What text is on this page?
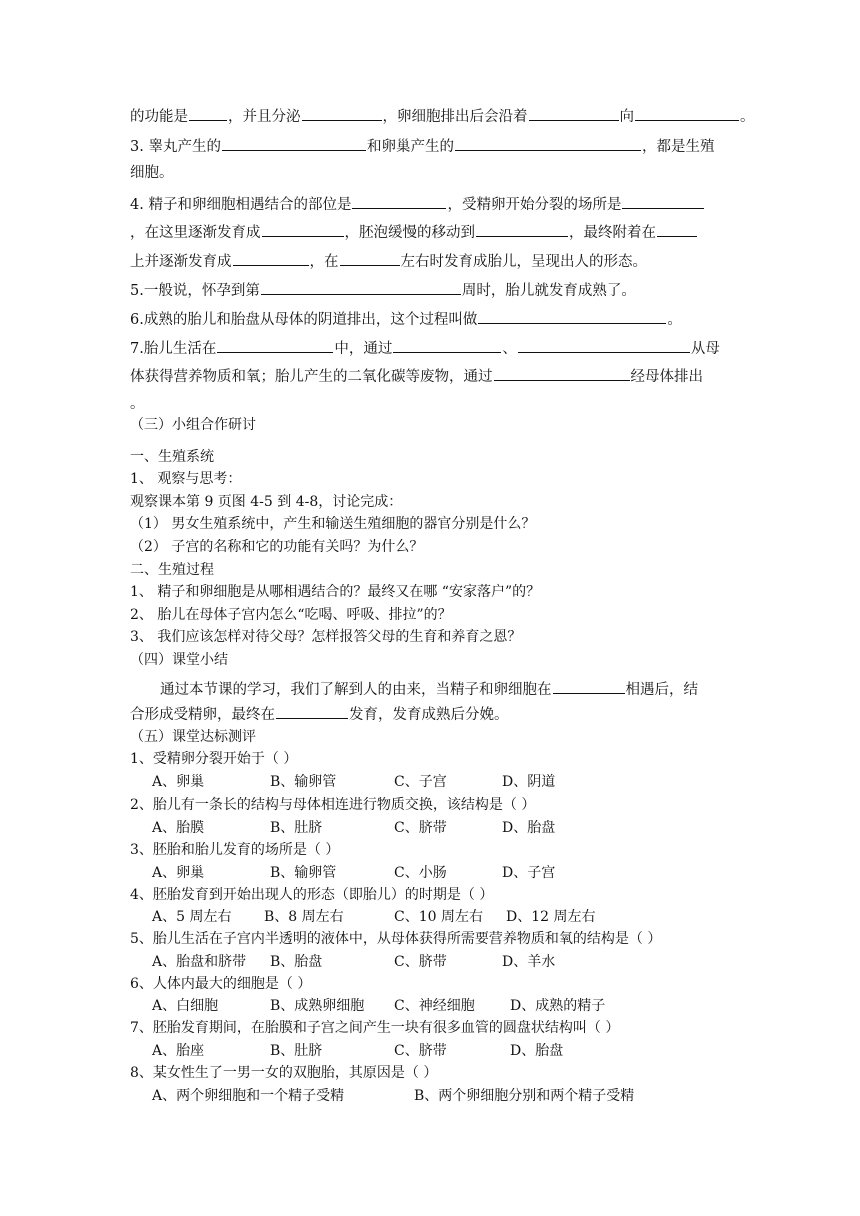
的功能是	，并且分泌	，卵细胞排出后会沿着	向	。
3. 睾丸产生的	和卵巢产生的	，都是生殖
细胞。
4. 精子和卵细胞相遇结合的部位是	，受精卵开始分裂的场所是
，在这里逐渐发育成	，胚泡缓慢的移动到	，最终附着在
上并逐渐发育成	，在	左右时发育成胎儿，呈现出人的形态。
5.一般说，怀孕到第	周时，胎儿就发育成熟了。
6.成熟的胎儿和胎盘从母体的阴道排出，这个过程叫做	。
7.胎儿生活在	中，通过	、	从母
体获得营养物质和氧；胎儿产生的二氧化碳等废物，通过	经母体排出
。
（三）小组合作研讨
一、生殖系统
1、 观察与思考：
观察课本第 9 页图 4-5 到 4-8，讨论完成：
（1） 男女生殖系统中，产生和输送生殖细胞的器官分别是什么？
（2） 子宫的名称和它的功能有关吗？为什么？
二、生殖过程
1、 精子和卵细胞是从哪相遇结合的？最终又在哪 “安家落户”的？
2、 胎儿在母体子宫内怎么“吃喝、呼吸、排拉”的？
3、 我们应该怎样对待父母？怎样报答父母的生育和养育之恩？
（四）课堂小结
通过本节课的学习，我们了解到人的由来，当精子和卵细胞在	相遇后，结
合形成受精卵，最终在	发育，发育成熟后分娩。
（五）课堂达标测评
1、受精卵分裂开始于（ ）
A、卵巢	B、输卵管	C、子宫	D、阴道
2、胎儿有一条长的结构与母体相连进行物质交换，该结构是（ ）
A、胎膜	B、肚脐	C、脐带	D、胎盘
3、胚胎和胎儿发育的场所是（ ）
A、卵巢	B、输卵管	C、小肠	D、子宫
4、胚胎发育到开始出现人的形态（即胎儿）的时期是（ ）
A、5 周左右 B、8 周左右	C、10 周左右 D、12 周左右
5、胎儿生活在子宫内半透明的液体中，从母体获得所需要营养物质和氧的结构是（ ）
A、胎盘和脐带 B、胎盘	C、脐带	D、羊水
6、人体内最大的细胞是（ ）
A、白细胞	B、成熟卵细胞 C、神经细胞	D、成熟的精子
7、胚胎发育期间，在胎膜和子宫之间产生一块有很多血管的圆盘状结构叫（ ）
A、胎座	B、肚脐	C、脐带	D、胎盘
8、某女性生了一男一女的双胞胎，其原因是（ ）
A、两个卵细胞和一个精子受精	B、两个卵细胞分别和两个精子受精
